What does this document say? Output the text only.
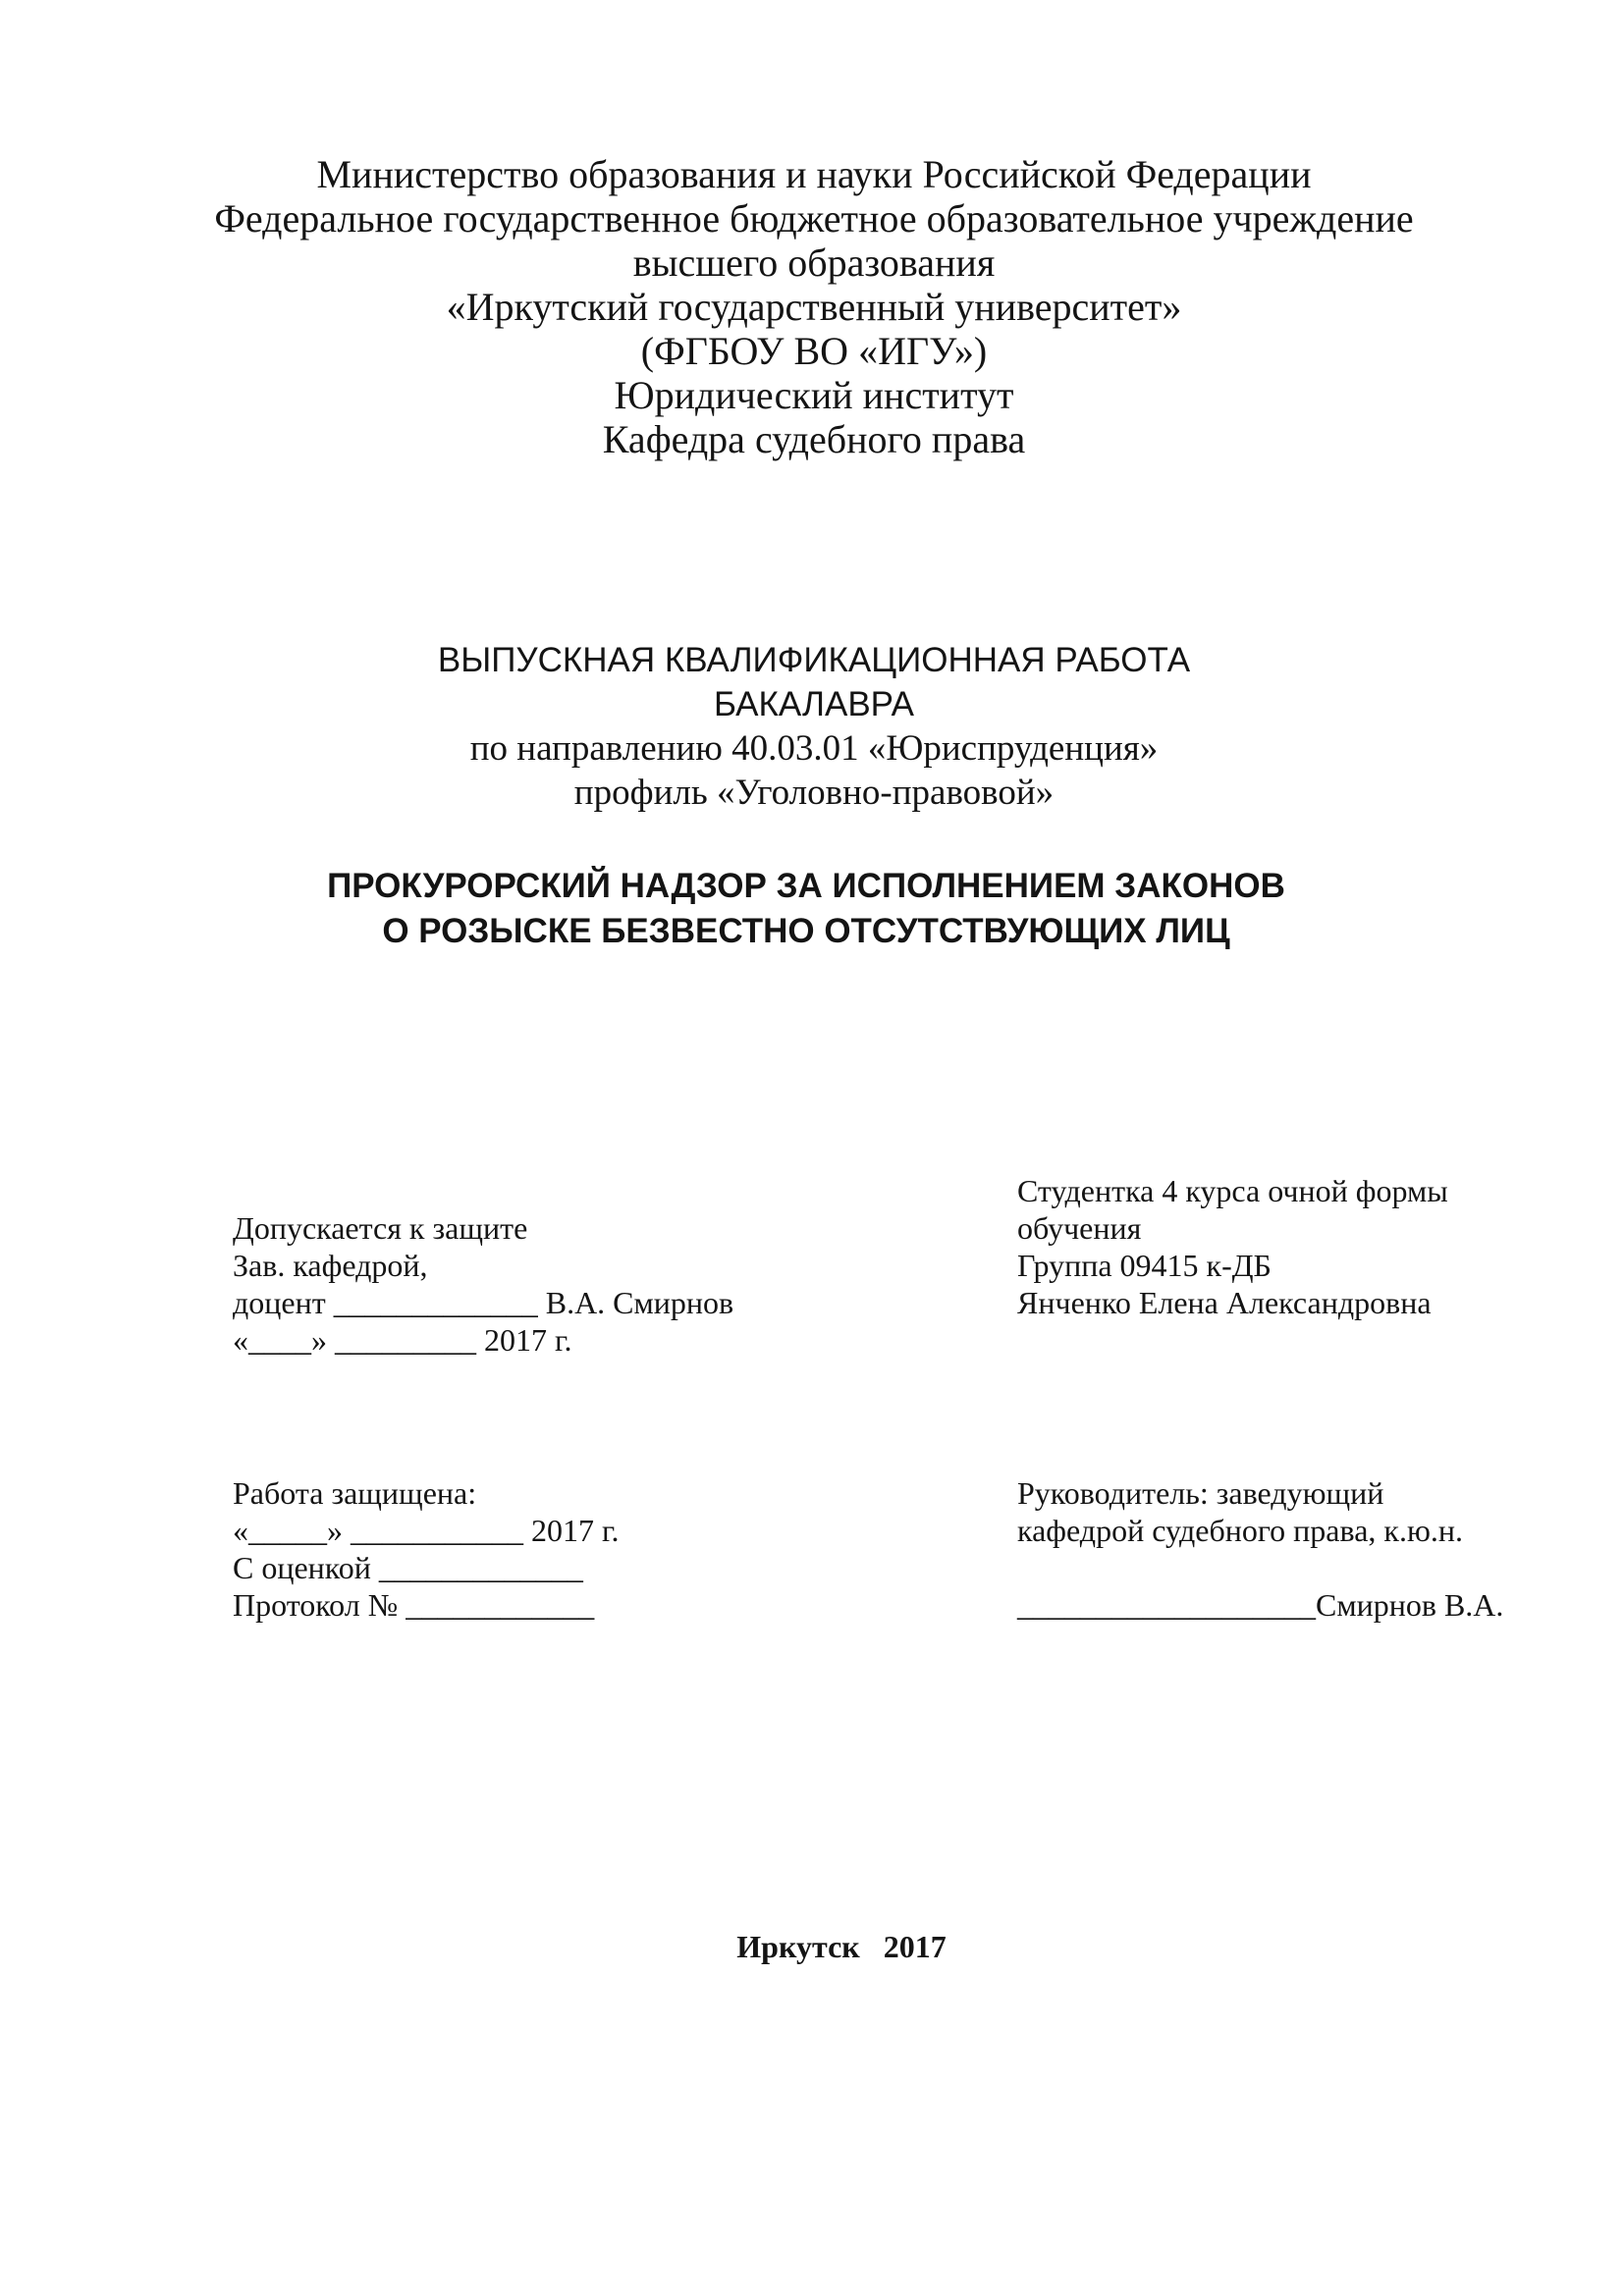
Министерство образования и науки Российской Федерации
Федеральное государственное бюджетное образовательное учреждение
высшего образования
«Иркутский государственный университет»
(ФГБОУ ВО «ИГУ»)
Юридический институт
Кафедра судебного права
ВЫПУСКНАЯ КВАЛИФИКАЦИОННАЯ РАБОТА
БАКАЛАВРА
по направлению 40.03.01 «Юриспруденция»
профиль «Уголовно-правовой»
ПРОКУРОРСКИЙ НАДЗОР ЗА ИСПОЛНЕНИЕМ ЗАКОНОВ
О РОЗЫСКЕ БЕЗВЕСТНО ОТСУТСТВУЮЩИХ ЛИЦ
Допускается к защите
Зав. кафедрой,
доцент _____________ В.А. Смирнов
«____» _________ 2017 г.
Студентка 4 курса очной формы
обучения
Группа 09415 к-ДБ
Янченко Елена Александровна
Работа защищена:
«_____» ___________ 2017 г.
С оценкой _____________
Протокол № ____________
Руководитель: заведующий
кафедрой судебного права, к.ю.н.
___________________Смирнов В.А.
Иркутск   2017
